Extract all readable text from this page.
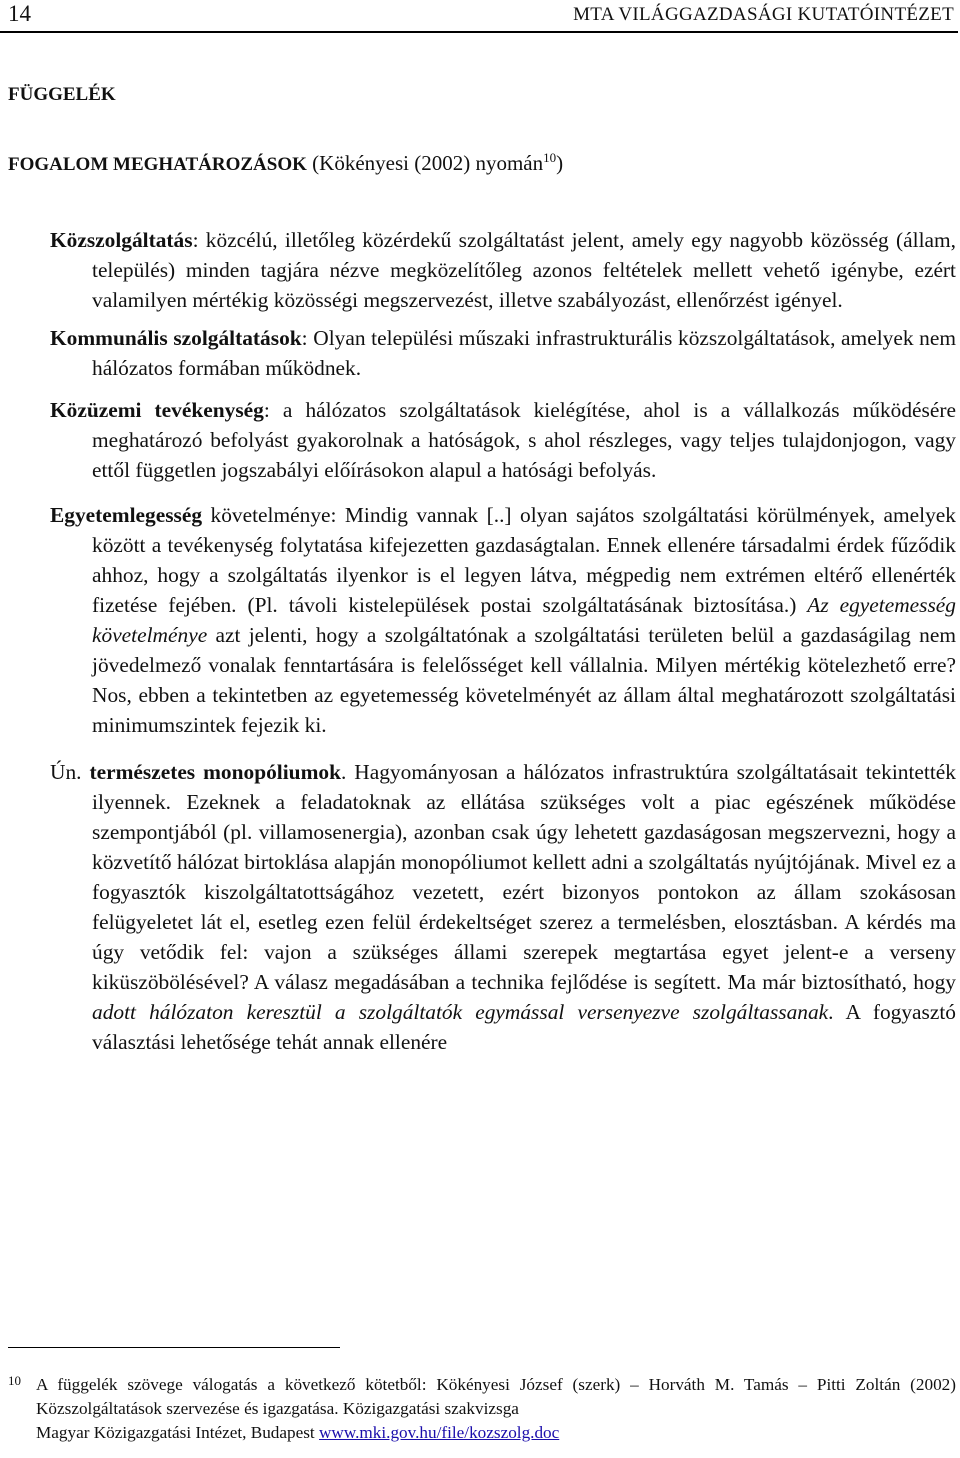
14	MTA VILÁGGAZDASÁGI KUTATÓINTÉZET
FÜGGELÉK
FOGALOM MEGHATÁROZÁSOK (Kökényesi (2002) nyomán$^{10}$)

Közszolgáltatás: közcélú, illetőleg közérdekű szolgáltatást jelent, amely egy nagyobb közösség (állam, település) minden tagjára nézve megközelítőleg azonos feltételek mellett vehető igénybe, ezért valamilyen mértékig közösségi megszervezést, illetve szabályozást, ellenőrzést igényel.

Kommunális szolgáltatások: Olyan települési műszaki infrastrukturális közszolgáltatások, amelyek nem hálózatos formában működnek.

Közüzemi tevékenység: a hálózatos szolgáltatások kielégítése, ahol is a vállalkozás működésére meghatározó befolyást gyakorolnak a hatóságok, s ahol részleges, vagy teljes tulajdonjogon, vagy ettől független jogszabályi előírásokon alapul a hatósági befolyás.

Egyetemlegesség követelménye: Mindig vannak [..] olyan sajátos szolgáltatási körülmények, amelyek között a tevékenység folytatása kifejezetten gazdaságtalan. Ennek ellenére társadalmi érdek fűződik ahhoz, hogy a szolgáltatás ilyenkor is el legyen látva, mégpedig nem extrémen eltérő ellenérték fizetése fejében. (Pl. távoli kistelepülések postai szolgáltatásának biztosítása.) Az egyetemesség követelménye azt jelenti, hogy a szolgáltatónak a szolgáltatási területen belül a gazdaságilag nem jövedelmező vonalak fenntartására is felelősséget kell vállalnia. Milyen mértékig kötelezhető erre? Nos, ebben a tekintetben az egyetemesség követelményét az állam által meghatározott szolgáltatási minimumszintek fejezik ki.

Ún. természetes monopóliumok. Hagyományosan a hálózatos infrastruktúra szolgáltatásait tekintették ilyennek. Ezeknek a feladatoknak az ellátása szükséges volt a piac egészének működése szempontjából (pl. villamosenergia), azonban csak úgy lehetett gazdaságosan megszervezni, hogy a közvetítő hálózat birtoklása alapján monopóliumot kellett adni a szolgáltatás nyújtójának. Mivel ez a fogyasztók kiszolgáltatottságához vezetett, ezért bizonyos pontokon az állam szokásosan felügyeletet lát el, esetleg ezen felül érdekeltséget szerez a termelésben, elosztásban. A kérdés ma úgy vetődik fel: vajon a szükséges állami szerepek megtartása egyet jelent-e a verseny kiküszöbölésével? A válasz megadásában a technika fejlődése is segített. Ma már biztosítható, hogy adott hálózaton keresztül a szolgáltatók egymással versenyezve szolgáltassanak. A fogyasztó választási lehetősége tehát annak ellenére

10 A függelék szövege válogatás a következő kötetből: Kökényesi József (szerk) – Horváth M. Tamás – Pitti Zoltán (2002) Közszolgáltatások szervezése és igazgatása. Közigazgatási szakvizsga
Magyar Közigazgatási Intézet, Budapest www.mki.gov.hu/file/kozszolg.doc
